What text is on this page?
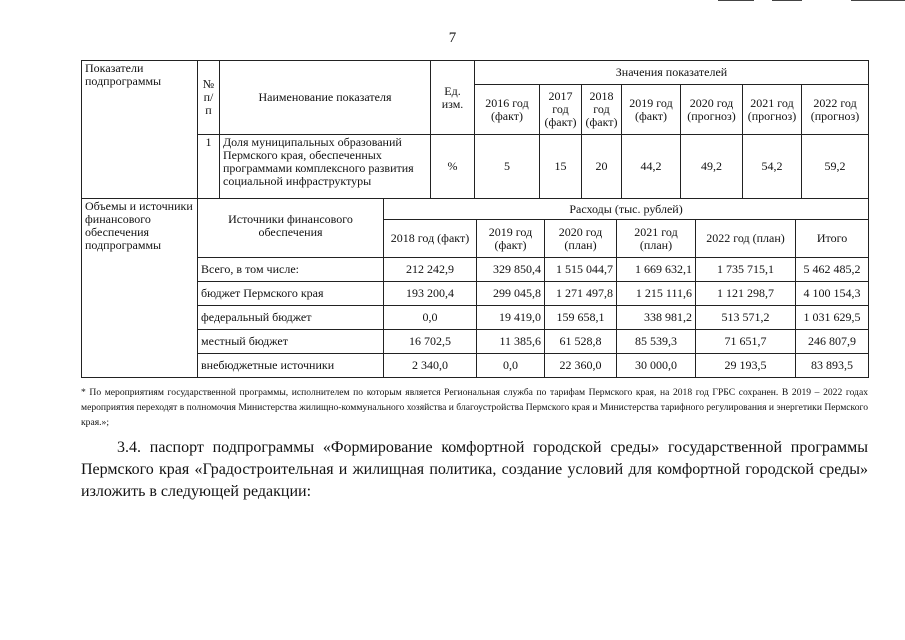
7
Показатели подпрограммы	№ п/п	Наименование показателя	Ед. изм.	Значения показателей						
				2016 год (факт)	2017 год (факт)	2018 год (факт)	2019 год (факт)	2020 год (прогноз)	2021 год (прогноз)	2022 год (прогноз)
	1	Доля муниципальных образований Пермского края, обеспеченных программами комплексного развития социальной инфраструктуры	%	5	15	20	44,2	49,2	54,2	59,2
Объемы и источники финансового обеспечения подпрограммы	Источники финансового обеспечения	Расходы (тыс. рублей)					
		2018 год (факт)	2019 год (факт)	2020 год (план)	2021 год (план)	2022 год (план)	Итого
	Всего, в том числе:	212 242,9	329 850,4	1 515 044,7	1 669 632,1	1 735 715,1	5 462 485,2
	бюджет Пермского края	193 200,4	299 045,8	1 271 497,8	1 215 111,6	1 121 298,7	4 100 154,3
	федеральный бюджет	0,0	19 419,0	159 658,1	338 981,2	513 571,2	1 031 629,5
	местный бюджет	16 702,5	11 385,6	61 528,8	85 539,3	71 651,7	246 807,9
	внебюджетные источники	2 340,0	0,0	22 360,0	30 000,0	29 193,5	83 893,5
* По мероприятиям государственной программы, исполнителем по которым является Региональная служба по тарифам Пермского края, на 2018 год ГРБС сохранен. В 2019 – 2022 годах мероприятия переходят в полномочия Министерства жилищно-коммунального хозяйства и благоустройства Пермского края и Министерства тарифного регулирования и энергетики Пермского края.»;
3.4. паспорт подпрограммы «Формирование комфортной городской среды» государственной программы
Пермского края «Градостроительная и жилищная политика, создание условий для комфортной городской среды»
изложить в следующей редакции:
